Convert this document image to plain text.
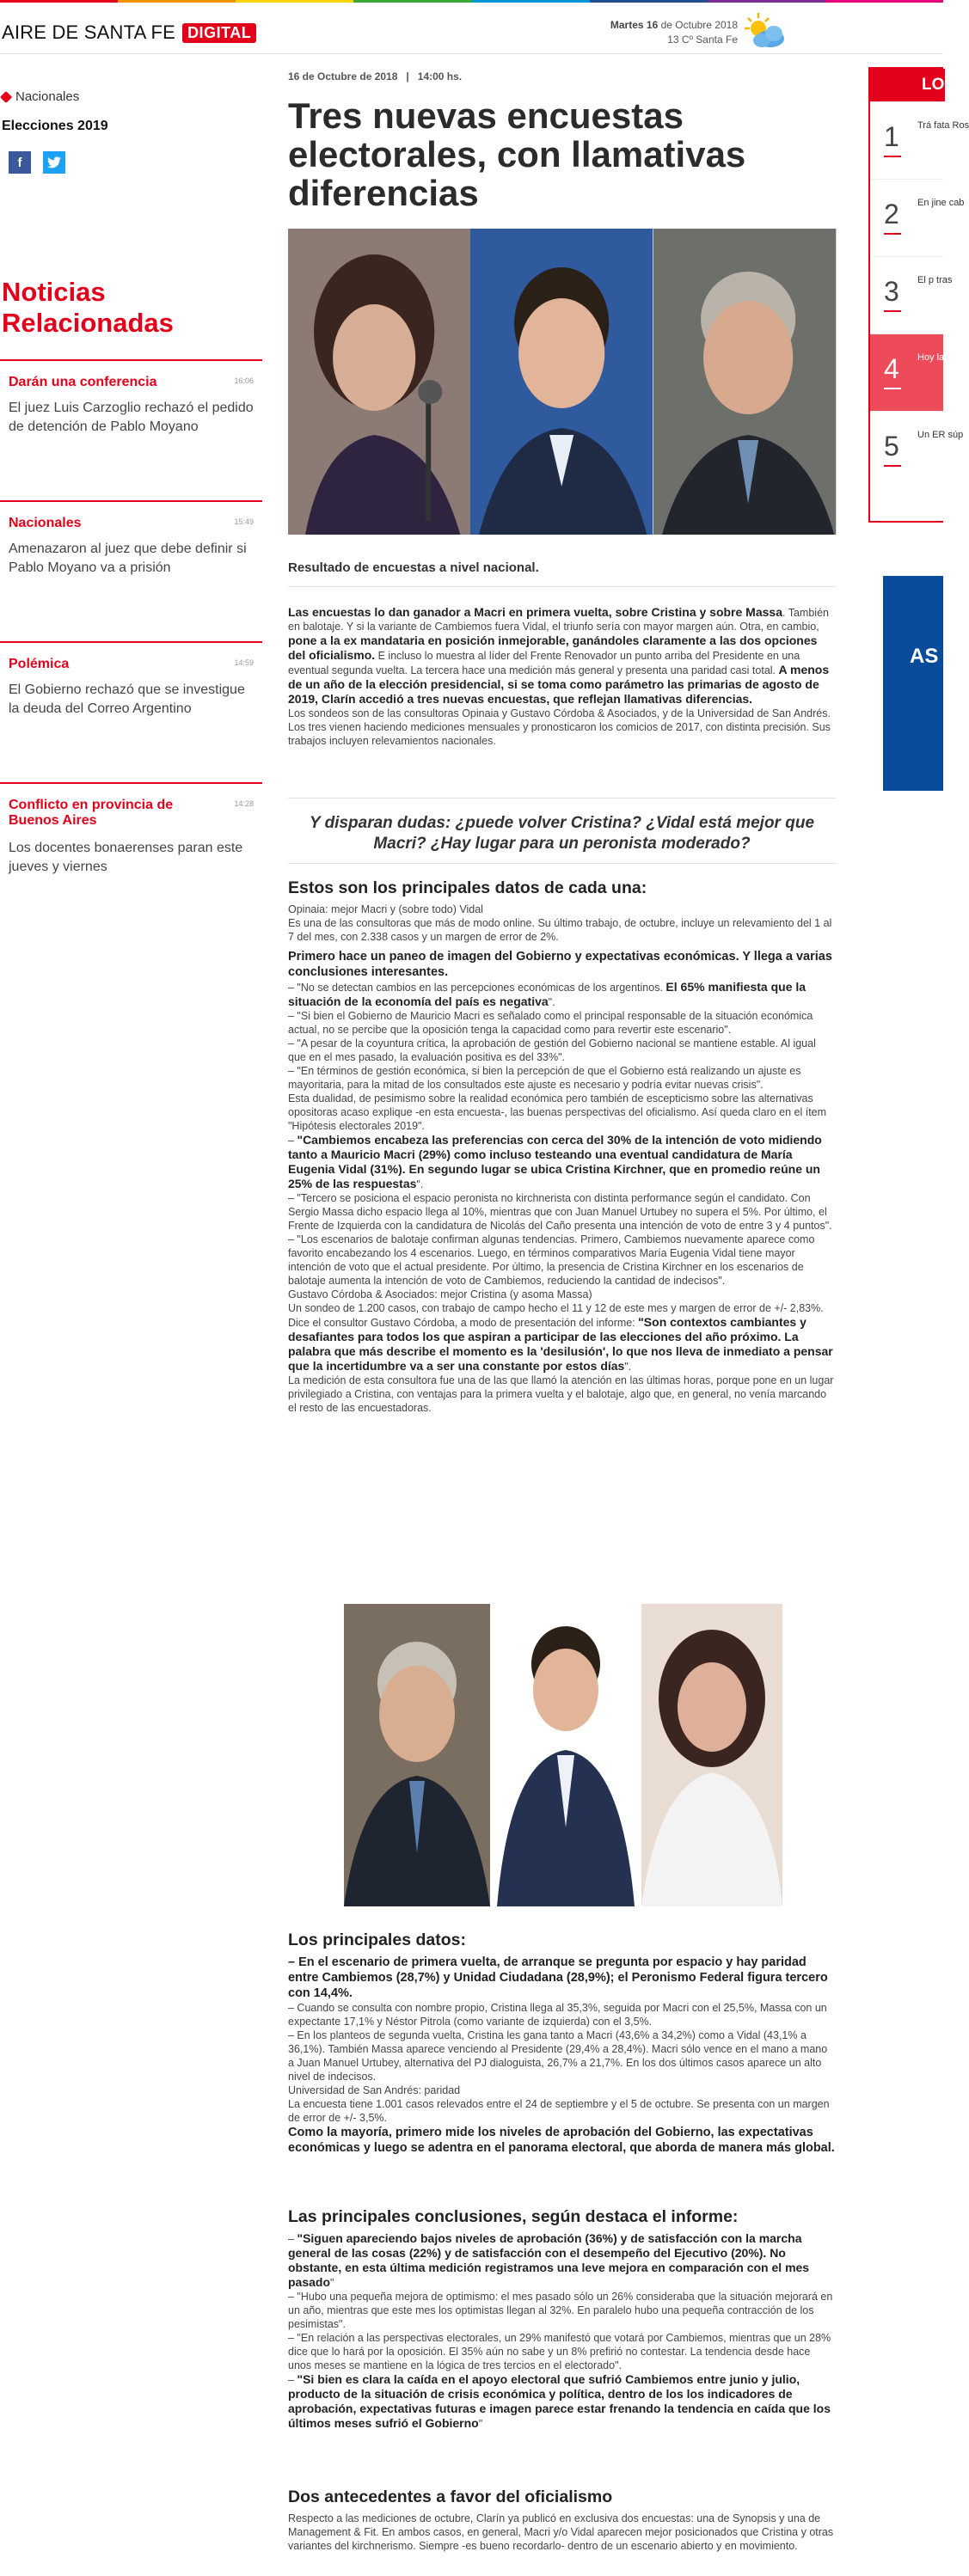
AIRE DE SANTA FE DIGITAL	Martes 16 de Octubre 2018
13 Cº Santa Fe
Nacionales
Elecciones 2019
f
Noticias Relacionadas
Darán una conferencia	16:06
El juez Luis Carzoglio rechazó el pedido de detención de Pablo Moyano
Nacionales	15:49
Amenazaron al juez que debe definir si Pablo Moyano va a prisión
Polémica	14:59
El Gobierno rechazó que se investigue la deuda del Correo Argentino
Conflicto en provincia de Buenos Aires
14:28
Los docentes bonaerenses paran este jueves y viernes
16 de Octubre de 2018   |   14:00 hs.
Tres nuevas encuestas electorales, con llamativas diferencias
Resultado de encuestas a nivel nacional.

Las encuestas lo dan ganador a Macri en primera vuelta, sobre Cristina y sobre Massa. También en balotaje. Y si la variante de Cambiemos fuera Vidal, el triunfo sería con mayor margen aún. Otra, en cambio, pone a la ex mandataria en posición inmejorable, ganándoles claramente a las dos opciones del oficialismo. E incluso lo muestra al líder del Frente Renovador un punto arriba del Presidente en una eventual segunda vuelta. La tercera hace una medición más general y presenta una paridad casi total. A menos de un año de la elección presidencial, si se toma como parámetro las primarias de agosto de 2019, Clarín accedió a tres nuevas encuestas, que reflejan llamativas diferencias.

Los sondeos son de las consultoras Opinaia y Gustavo Córdoba & Asociados, y de la Universidad de San Andrés. Los tres vienen haciendo mediciones mensuales y pronosticaron los comicios de 2017, con distinta precisión. Sus trabajos incluyen relevamientos nacionales.

Y disparan dudas: ¿puede volver Cristina? ¿Vidal está mejor que Macri? ¿Hay lugar para un peronista moderado?
Estos son los principales datos de cada una:

Opinaia: mejor Macri y (sobre todo) Vidal

Es una de las consultoras que más de modo online. Su último trabajo, de octubre, incluye un relevamiento del 1 al 7 del mes, con 2.338 casos y un margen de error de 2%.

Primero hace un paneo de imagen del Gobierno y expectativas económicas. Y llega a varias conclusiones interesantes.

– "No se detectan cambios en las percepciones económicas de los argentinos. El 65% manifiesta que la situación de la economía del país es negativa".

– "Si bien el Gobierno de Mauricio Macri es señalado como el principal responsable de la situación económica actual, no se percibe que la oposición tenga la capacidad como para revertir este escenario".

– "A pesar de la coyuntura crítica, la aprobación de gestión del Gobierno nacional se mantiene estable. Al igual que en el mes pasado, la evaluación positiva es del 33%".

– "En términos de gestión económica, si bien la percepción de que el Gobierno está realizando un ajuste es mayoritaria, para la mitad de los consultados este ajuste es necesario y podría evitar nuevas crisis".

Esta dualidad, de pesimismo sobre la realidad económica pero también de escepticismo sobre las alternativas opositoras acaso explique -en esta encuesta-, las buenas perspectivas del oficialismo. Así queda claro en el ítem "Hipótesis electorales 2019".

– "Cambiemos encabeza las preferencias con cerca del 30% de la intención de voto midiendo tanto a Mauricio Macri (29%) como incluso testeando una eventual candidatura de María Eugenia Vidal (31%). En segundo lugar se ubica Cristina Kirchner, que en promedio reúne un 25% de las respuestas".

– "Tercero se posiciona el espacio peronista no kirchnerista con distinta performance según el candidato. Con Sergio Massa dicho espacio llega al 10%, mientras que con Juan Manuel Urtubey no supera el 5%. Por último, el Frente de Izquierda con la candidatura de Nicolás del Caño presenta una intención de voto de entre 3 y 4 puntos".

– "Los escenarios de balotaje confirman algunas tendencias. Primero, Cambiemos nuevamente aparece como favorito encabezando los 4 escenarios. Luego, en términos comparativos María Eugenia Vidal tiene mayor intención de voto que el actual presidente. Por último, la presencia de Cristina Kirchner en los escenarios de balotaje aumenta la intención de voto de Cambiemos, reduciendo la cantidad de indecisos".

Gustavo Córdoba & Asociados: mejor Cristina (y asoma Massa)

Un sondeo de 1.200 casos, con trabajo de campo hecho el 11 y 12 de este mes y margen de error de +/- 2,83%.

Dice el consultor Gustavo Córdoba, a modo de presentación del informe: "Son contextos cambiantes y desafiantes para todos los que aspiran a participar de las elecciones del año próximo. La palabra que más describe el momento es la 'desilusión', lo que nos lleva de inmediato a pensar que la incertidumbre va a ser una constante por estos días".

La medición de esta consultora fue una de las que llamó la atención en las últimas horas, porque pone en un lugar privilegiado a Cristina, con ventajas para la primera vuelta y el balotaje, algo que, en general, no venía marcando el resto de las encuestadoras.

Los principales datos:

– En el escenario de primera vuelta, de arranque se pregunta por espacio y hay paridad entre Cambiemos (28,7%) y Unidad Ciudadana (28,9%); el Peronismo Federal figura tercero con 14,4%.

– Cuando se consulta con nombre propio, Cristina llega al 35,3%, seguida por Macri con el 25,5%, Massa con un expectante 17,1% y Néstor Pitrola (como variante de izquierda) con el 3,5%.

– En los planteos de segunda vuelta, Cristina les gana tanto a Macri (43,6% a 34,2%) como a Vidal (43,1% a 36,1%). También Massa aparece venciendo al Presidente (29,4% a 28,4%). Macri sólo vence en el mano a mano a Juan Manuel Urtubey, alternativa del PJ dialoguista, 26,7% a 21,7%. En los dos últimos casos aparece un alto nivel de indecisos.

Universidad de San Andrés: paridad

La encuesta tiene 1.001 casos relevados entre el 24 de septiembre y el 5 de octubre. Se presenta con un margen de error de +/- 3,5%.

Como la mayoría, primero mide los niveles de aprobación del Gobierno, las expectativas económicas y luego se adentra en el panorama electoral, que aborda de manera más global.

Las principales conclusiones, según destaca el informe:

– "Siguen apareciendo bajos niveles de aprobación (36%) y de satisfacción con la marcha general de las cosas (22%) y de satisfacción con el desempeño del Ejecutivo (20%). No obstante, en esta última medición registramos una leve mejora en comparación con el mes pasado"

– "Hubo una pequeña mejora de optimismo: el mes pasado sólo un 26% consideraba que la situación mejorará en un año, mientras que este mes los optimistas llegan al 32%. En paralelo hubo una pequeña contracción de los pesimistas".

– "En relación a las perspectivas electorales, un 29% manifestó que votará por Cambiemos, mientras que un 28% dice que lo hará por la oposición. El 35% aún no sabe y un 8% prefirió no contestar. La tendencia desde hace unos meses se mantiene en la lógica de tres tercios en el electorado".

– "Si bien es clara la caída en el apoyo electoral que sufrió Cambiemos entre junio y julio, producto de la situación de crisis económica y política, dentro de los los indicadores de aprobación, expectativas futuras e imagen parece estar frenando la tendencia en caída que los últimos meses sufrió el Gobierno"

Dos antecedentes a favor del oficialismo
Respecto a las mediciones de octubre, Clarín ya publicó en exclusiva dos encuestas: una de Synopsis y una de Management & Fit. En ambos casos, en general, Macri y/o Vidal aparecen mejor posicionados que Cristina y otras variantes del kirchnerismo. Siempre -es bueno recordarlo- dentro de un escenario abierto y en movimiento.
LO
1 Trá fata Ros
2 En jine cab
3 El p tras
4 Hoy las ase
5 Un ER súp
AS
